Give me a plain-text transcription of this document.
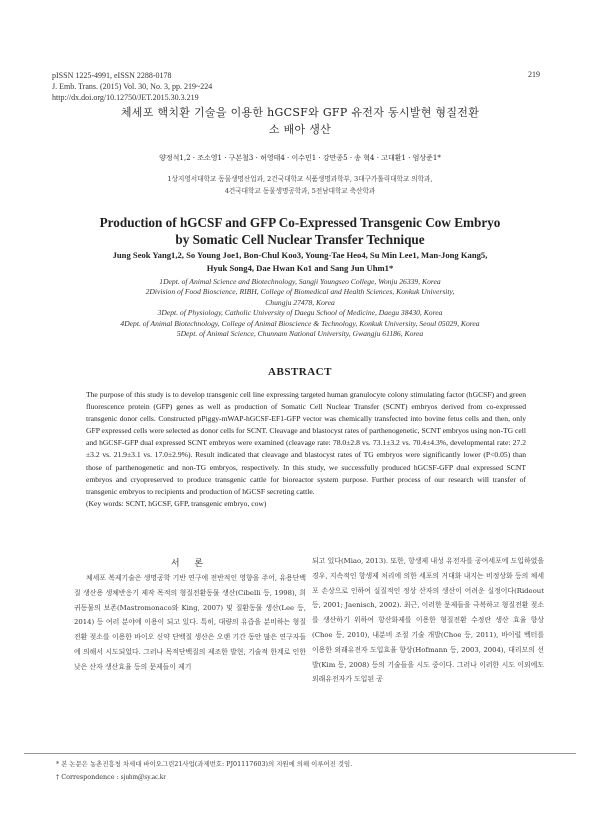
pISSN 1225-4991, eISSN 2288-0178
J. Emb. Trans. (2015) Vol. 30, No. 3, pp. 219~224
http://dx.doi.org/10.12750/JET.2015.30.3.219
219
체세포 핵치환 기술을 이용한 hGCSF와 GFP 유전자 동시발현 형질전환
소 배아 생산
양정석1,2 · 조소영1 · 구본철3 · 허영태4 · 이수민1 · 강만종5 · 송 혁4 · 고대환1 · 엄상준1*
1상지영서대학교 동물생명산업과, 2건국대학교 식품생명과학부, 3대구가톨릭대학교 의학과,
4건국대학교 동물생명공학과, 5전남대학교 축산학과
Production of hGCSF and GFP Co-Expressed Transgenic Cow Embryo
by Somatic Cell Nuclear Transfer Technique
Jung Seok Yang1,2, So Young Joe1, Bon-Chul Koo3, Young-Tae Heo4, Su Min Lee1, Man-Jong Kang5,
Hyuk Song4, Dae Hwan Ko1 and Sang Jun Uhm1*
1Dept. of Animal Science and Biotechnology, Sangji Youngseo College, Wonju 26339, Korea
2Division of Food Bioscience, RIBH, College of Biomedical and Health Sciences, Konkuk University,
Chungju 27478, Korea
3Dept. of Physiology, Catholic University of Daegu School of Medicine, Daegu 38430, Korea
4Dept. of Animal Biotechnology, College of Animal Bioscience & Technology, Konkuk University, Seoul 05029, Korea
5Dept. of Animal Science, Chunnam National University, Gwangju 61186, Korea
ABSTRACT

The purpose of this study is to develop transgenic cell line expressing targeted human granulocyte colony stimulating factor (hGCSF) and green fluorescence protein (GFP) genes as well as production of Somatic Cell Nuclear Transfer (SCNT) embryos derived from co-expressed transgenic donor cells. Constructed pPiggy-mWAP-hGCSF-EF1-GFP vector was chemically transfected into bovine fetus cells and then, only GFP expressed cells were selected as donor cells for SCNT. Cleavage and blastocyst rates of parthenogenetic, SCNT embryos using non-TG cell and hGCSF-GFP dual expressed SCNT embryos were examined (cleavage rate: 78.0±2.8 vs. 73.1±3.2 vs. 70.4±4.3%, developmental rate: 27.2 ±3.2 vs. 21.9±3.1 vs. 17.0±2.9%). Result indicated that cleavage and blastocyst rates of TG embryos were significantly lower (P<0.05) than those of parthenogenetic and non-TG embryos, respectively. In this study, we successfully produced hGCSF-GFP dual expressed SCNT embryos and cryopreserved to produce transgenic cattle for bioreactor system purpose. Further process of our research will transfer of transgenic embryos to recipients and production of hGCSF secreting cattle.

(Key words: SCNT, hGCSF, GFP, transgenic embryo, cow)

서 론

체세포 복제기술은 생명공학 기반 연구에 전반적인 영향을 주어, 유용단백질 생산용 생체반응기 제작 목적의 형질전환동물 생산(Cibelli 등, 1998), 희귀동물의 보존(Mastromonaco와 King, 2007) 및 질환동물 생산(Lee 등, 2014) 등 여러 분야에 이용이 되고 있다. 특히, 대량의 유즙을 분비하는 형질전환 젖소를 이용한 바이오 신약 단백질 생산은 오랜 기간 동안 많은 연구자들에 의해서 시도되었다. 그러나 목적단백질의 제조한 발현, 기술적 한계로 인한 낮은 산자 생산효율 등의 문제들이 제기

되고 있다(Miao, 2013). 또한, 항생제 내성 유전자를 공여세포에 도입하였을 경우, 지속적인 항생제 처리에 의한 세포의 거대화 내지는 비정상화 등의 체세포 손상으로 인하여 실질적인 정상 산자의 생산이 어려운 실정이다(Rideout 등, 2001; Jaenisch, 2002). 최근, 이러한 문제들을 극복하고 형질전환 젖소를 생산하기 위하여 항산화제를 이용한 형질전환 수정란 생산 효율 향상(Choe 등, 2010), 내분비 조절 기술 개발(Choe 등, 2011), 바이럴 벡터를 이용한 외래유전자 도입효율 향상(Hofmann 등, 2003, 2004), 대리모의 선발(Kim 등, 2008) 등의 기술들을 시도 중이다. 그러나 이러한 시도 이외에도 외래유전자가 도입된 공

* 본 논문은 농촌진흥청 차세대 바이오그린21사업(과제번호: PJ01117603)의 지원에 의해 이루어진 것임.
† Correspondence : sjuhm@sy.ac.kr
